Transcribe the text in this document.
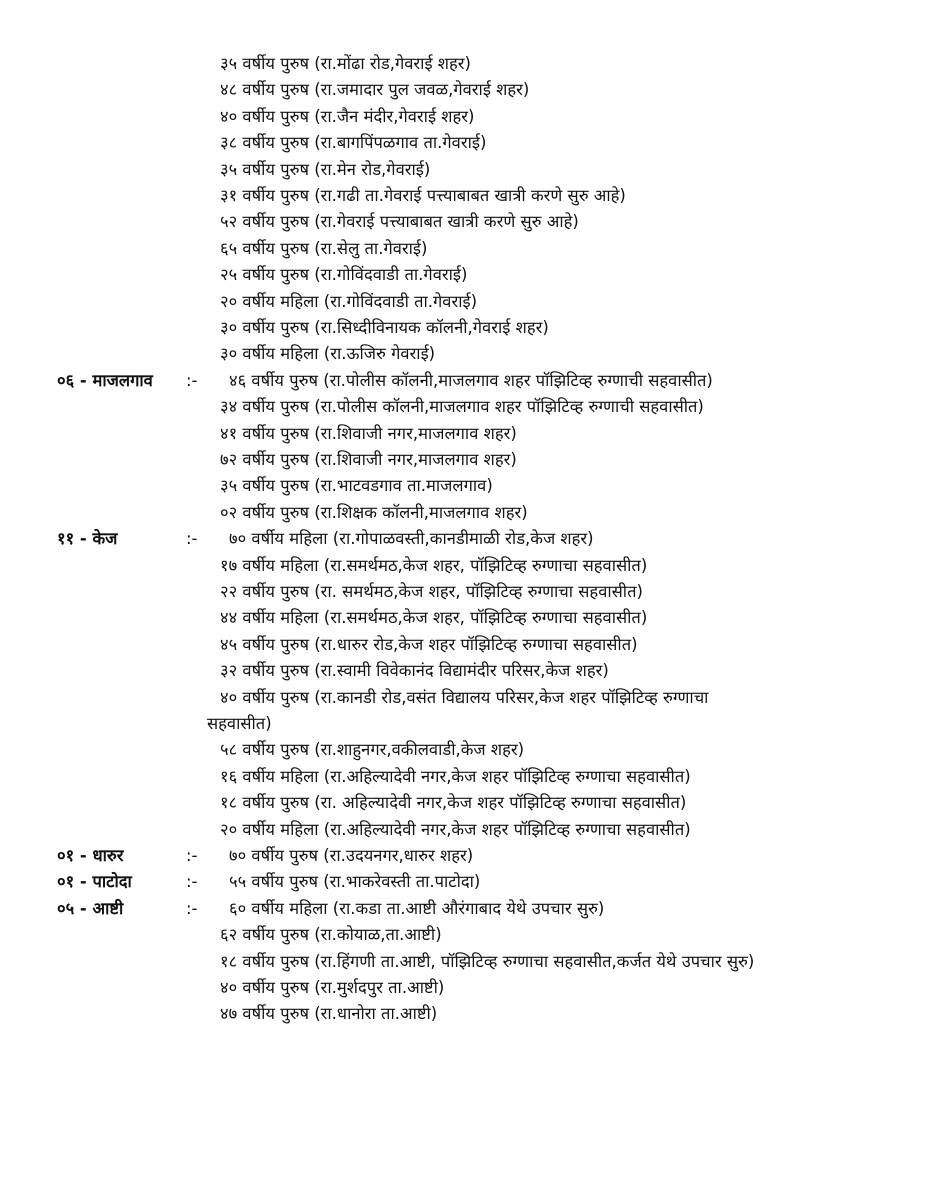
३५ वर्षीय पुरुष (रा.मोंढा रोड,गेवराई शहर)
४८ वर्षीय पुरुष (रा.जमादार पुल जवळ,गेवराई शहर)
४० वर्षीय पुरुष (रा.जैन मंदीर,गेवराई शहर)
३८ वर्षीय पुरुष (रा.बागपिंपळगाव ता.गेवराई)
३५ वर्षीय पुरुष (रा.मेन रोड,गेवराई)
३१ वर्षीय पुरुष (रा.गढी ता.गेवराई पत्त्याबाबत खात्री करणे सुरु आहे)
५२ वर्षीय पुरुष (रा.गेवराई पत्त्याबाबत खात्री करणे सुरु आहे)
६५ वर्षीय पुरुष (रा.सेलु ता.गेवराई)
२५ वर्षीय पुरुष (रा.गोविंदवाडी ता.गेवराई)
२० वर्षीय महिला (रा.गोविंदवाडी ता.गेवराई)
३० वर्षीय पुरुष (रा.सिध्दीविनायक कॉलनी,गेवराई शहर)
३० वर्षीय महिला (रा.ऊजिरु गेवराई)
०६ - माजलगाव :- ४६ वर्षीय पुरुष (रा.पोलीस कॉलनी,माजलगाव शहर पॉझिटिव्ह रुग्णाची सहवासीत)
३४ वर्षीय पुरुष (रा.पोलीस कॉलनी,माजलगाव शहर पॉझिटिव्ह रुग्णाची सहवासीत)
४१ वर्षीय पुरुष (रा.शिवाजी नगर,माजलगाव शहर)
७२ वर्षीय पुरुष (रा.शिवाजी नगर,माजलगाव शहर)
३५ वर्षीय पुरुष (रा.भाटवडगाव ता.माजलगाव)
०२ वर्षीय पुरुष (रा.शिक्षक कॉलनी,माजलगाव शहर)
११ - केज	:- ७० वर्षीय महिला (रा.गोपाळवस्ती,कानडीमाळी रोड,केज शहर)
१७ वर्षीय महिला (रा.समर्थमठ,केज शहर, पॉझिटिव्ह रुग्णाचा सहवासीत)
२२ वर्षीय पुरुष (रा. समर्थमठ,केज शहर, पॉझिटिव्ह रुग्णाचा सहवासीत)
४४ वर्षीय महिला (रा.समर्थमठ,केज शहर, पॉझिटिव्ह रुग्णाचा सहवासीत)
४५ वर्षीय पुरुष (रा.धारुर रोड,केज शहर पॉझिटिव्ह रुग्णाचा सहवासीत)
३२ वर्षीय पुरुष (रा.स्वामी विवेकानंद विद्यामंदीर परिसर,केज शहर)
४० वर्षीय पुरुष (रा.कानडी रोड,वसंत विद्यालय परिसर,केज शहर पॉझिटिव्ह रुग्णाचा
सहवासीत)
५८ वर्षीय पुरुष (रा.शाहुनगर,वकीलवाडी,केज शहर)
१६ वर्षीय महिला (रा.अहिल्यादेवी नगर,केज शहर पॉझिटिव्ह रुग्णाचा सहवासीत)
१८ वर्षीय पुरुष (रा. अहिल्यादेवी नगर,केज शहर पॉझिटिव्ह रुग्णाचा सहवासीत)
२० वर्षीय महिला (रा.अहिल्यादेवी नगर,केज शहर पॉझिटिव्ह रुग्णाचा सहवासीत)
०१ - धारुर	:- ७० वर्षीय पुरुष (रा.उदयनगर,धारुर शहर)
०१ - पाटोदा	:- ५५ वर्षीय पुरुष (रा.भाकरेवस्ती ता.पाटोदा)
०५ - आष्टी	:- ६० वर्षीय महिला (रा.कडा ता.आष्टी औरंगाबाद येथे उपचार सुरु)
६२ वर्षीय पुरुष (रा.कोयाळ,ता.आष्टी)
१८ वर्षीय पुरुष (रा.हिंगणी ता.आष्टी, पॉझिटिव्ह रुग्णाचा सहवासीत,कर्जत येथे उपचार सुरु)
४० वर्षीय पुरुष (रा.मुर्शदपुर ता.आष्टी)
४७ वर्षीय पुरुष (रा.धानोरा ता.आष्टी)
